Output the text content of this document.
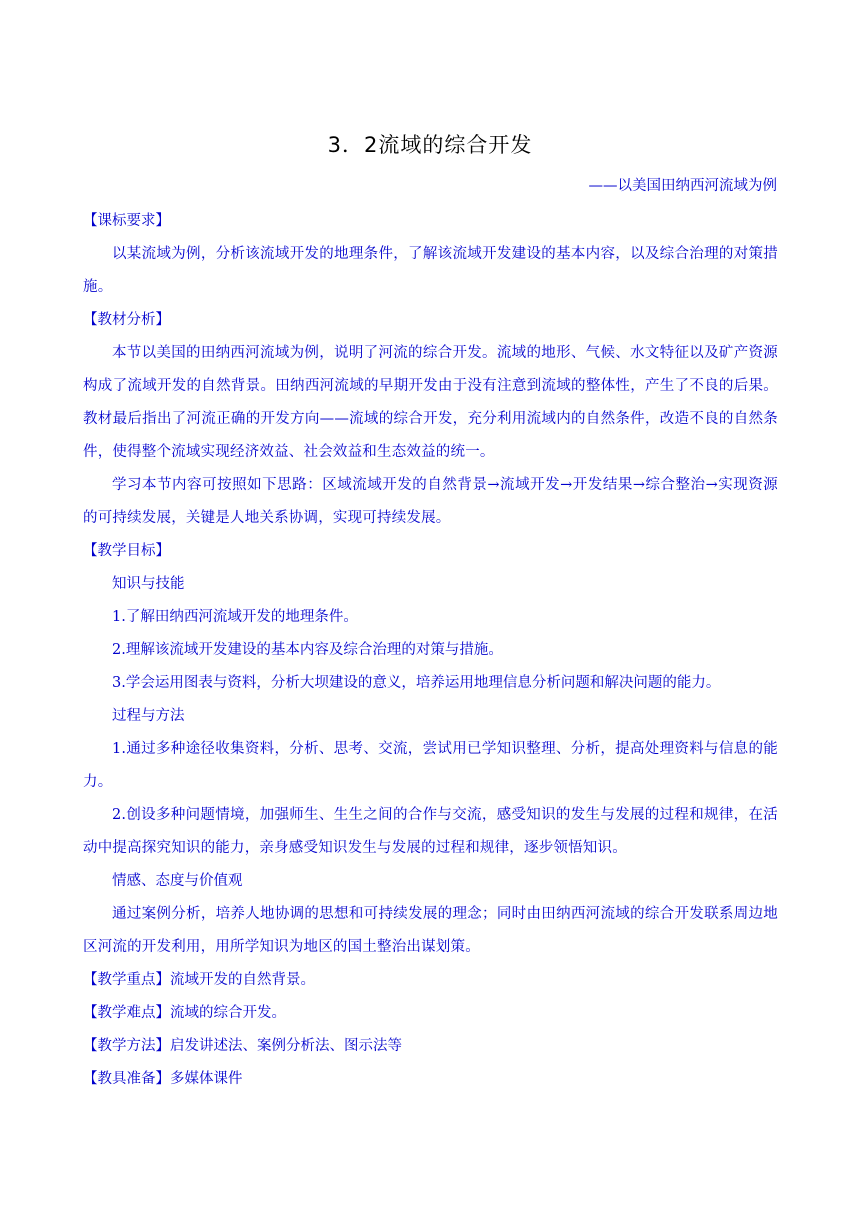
3．2流域的综合开发
——以美国田纳西河流域为例
【课标要求】

以某流域为例，分析该流域开发的地理条件，了解该流域开发建设的基本内容，以及综合治理的对策措施。

【教材分析】

本节以美国的田纳西河流域为例，说明了河流的综合开发。流域的地形、气候、水文特征以及矿产资源构成了流域开发的自然背景。田纳西河流域的早期开发由于没有注意到流域的整体性，产生了不良的后果。教材最后指出了河流正确的开发方向——流域的综合开发，充分利用流域内的自然条件，改造不良的自然条件，使得整个流域实现经济效益、社会效益和生态效益的统一。

学习本节内容可按照如下思路：区域流域开发的自然背景→流域开发→开发结果→综合整治→实现资源的可持续发展，关键是人地关系协调，实现可持续发展。

【教学目标】
知识与技能
1.了解田纳西河流域开发的地理条件。
2.理解该流域开发建设的基本内容及综合治理的对策与措施。
3.学会运用图表与资料，分析大坝建设的意义，培养运用地理信息分析问题和解决问题的能力。
过程与方法

1.通过多种途径收集资料，分析、思考、交流，尝试用已学知识整理、分析，提高处理资料与信息的能力。

2.创设多种问题情境，加强师生、生生之间的合作与交流，感受知识的发生与发展的过程和规律，在活动中提高探究知识的能力，亲身感受知识发生与发展的过程和规律，逐步领悟知识。

情感、态度与价值观

通过案例分析，培养人地协调的思想和可持续发展的理念；同时由田纳西河流域的综合开发联系周边地区河流的开发利用，用所学知识为地区的国土整治出谋划策。

【教学重点】流域开发的自然背景。
【教学难点】流域的综合开发。
【教学方法】启发讲述法、案例分析法、图示法等
【教具准备】多媒体课件
